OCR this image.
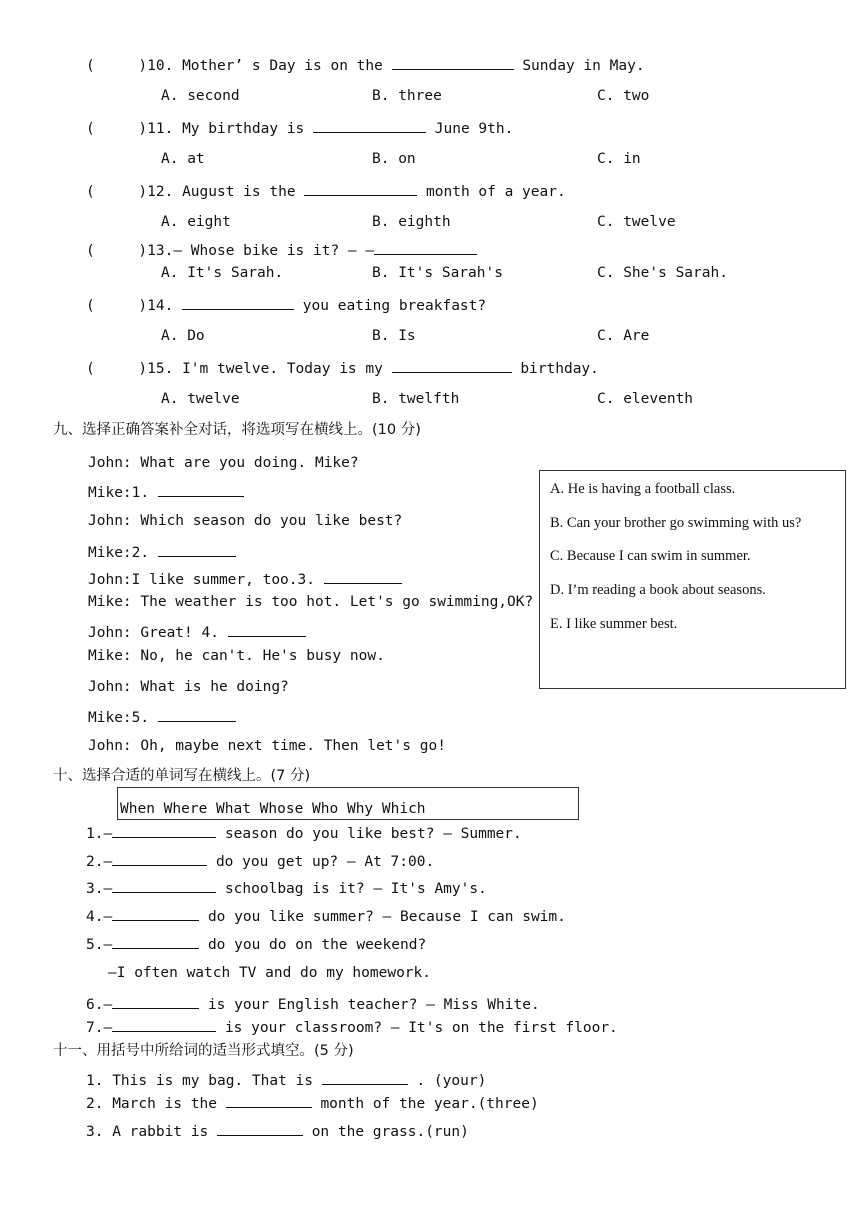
(	)10. Mother’ s Day is on the	Sunday in May.
A. second	B. three	C. two
(	)11. My birthday is	June 9th.
A. at	B. on	C. in
(	)12. August is the	month of a year.
A. eight	B. eighth	C. twelve
(	)13.— Whose bike is it? — —
A. It's Sarah.	B. It's Sarah's	C. She's Sarah.
(	)14.	you eating breakfast?
A. Do	B. Is	C. Are
(	)15. I'm twelve. Today is my	birthday.
A. twelve	B. twelfth	C. eleventh
九、选择正确答案补全对话，将选项写在横线上。(10 分)
John: What are you doing. Mike?
Mike:1.
John: Which season do you like best?
Mike:2.
John:I like summer, too.3.
Mike: The weather is too hot. Let's go swimming,OK?
John: Great! 4.
Mike: No, he can't. He's busy now.
John: What is he doing?
Mike:5.
John: Oh, maybe next time. Then let's go!
A. He is having a football class.
B. Can your brother go swimming with us?
C. Because I can swim in summer.
D. I’m reading a book about seasons.
E. I like summer best.
十、选择合适的单词写在横线上。(7 分)
When Where What Whose Who Why Which
1.—	season do you like best? — Summer.
2.—	do you get up? — At 7:00.
3.—	schoolbag is it? — It's Amy's.
4.—	do you like summer? — Because I can swim.
5.—	do you do on the weekend?
—I often watch TV and do my homework.
6.—	is your English teacher? — Miss White.
7.—	is your classroom? — It's on the first floor.
十一、用括号中所给词的适当形式填空。(5 分)
1. This is my bag. That is	. (your)
2. March is the	month of the year.(three)
3. A rabbit is	on the grass.(run)
